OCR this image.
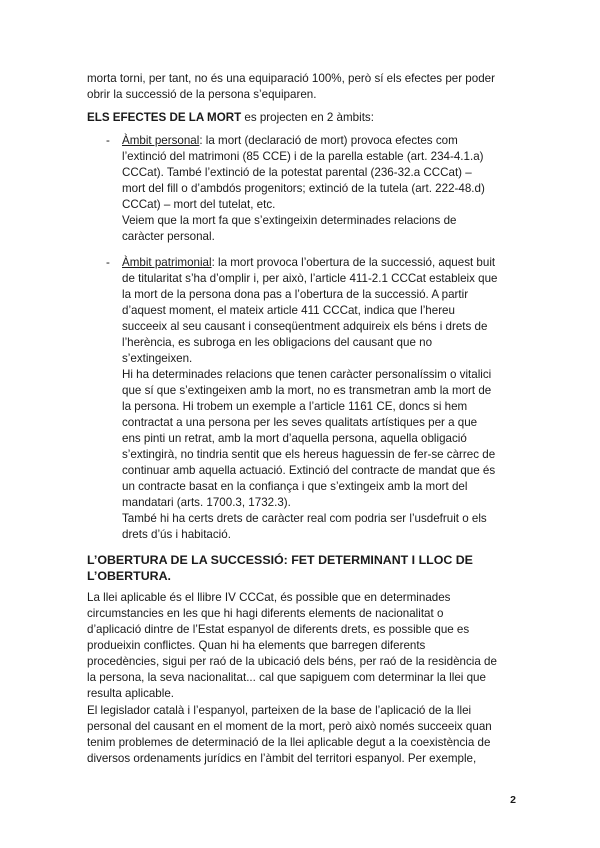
morta torni, per tant, no és una equiparació 100%, però sí els efectes per poder
obrir la successió de la persona s’equiparen.
ELS EFECTES DE LA MORT es projecten en 2 àmbits:
-	Àmbit personal: la mort (declaració de mort) provoca efectes com
l’extinció del matrimoni (85 CCE) i de la parella estable (art. 234-4.1.a)
CCCat). També l’extinció de la potestat parental (236-32.a CCCat) –
mort del fill o d’ambdós progenitors; extinció de la tutela (art. 222-48.d)
CCCat) – mort del tutelat, etc.
Veiem que la mort fa que s’extingeixin determinades relacions de
caràcter personal.
-	Àmbit patrimonial: la mort provoca l’obertura de la successió, aquest buit
de titularitat s’ha d’omplir i, per això, l’article 411-2.1 CCCat estableix que
la mort de la persona dona pas a l’obertura de la successió. A partir
d’aquest moment, el mateix article 411 CCCat, indica que l’hereu
succeeix al seu causant i conseqüentment adquireix els béns i drets de
l’herència, es subroga en les obligacions del causant que no
s’extingeixen.
Hi ha determinades relacions que tenen caràcter personalíssim o vitalici
que sí que s’extingeixen amb la mort, no es transmetran amb la mort de
la persona. Hi trobem un exemple a l’article 1161 CE, doncs si hem
contractat a una persona per les seves qualitats artístiques per a que
ens pinti un retrat, amb la mort d’aquella persona, aquella obligació
s’extingirà, no tindria sentit que els hereus haguessin de fer-se càrrec de
continuar amb aquella actuació. Extinció del contracte de mandat que és
un contracte basat en la confiança i que s’extingeix amb la mort del
mandatari (arts. 1700.3, 1732.3).
També hi ha certs drets de caràcter real com podria ser l’usdefruit o els
drets d’ús i habitació.
L’OBERTURA DE LA SUCCESSIÓ: FET DETERMINANT I LLOC DE
L’OBERTURA.
La llei aplicable és el llibre IV CCCat, és possible que en determinades
circumstancies en les que hi hagi diferents elements de nacionalitat o
d’aplicació dintre de l’Estat espanyol de diferents drets, es possible que es
produeixin conflictes. Quan hi ha elements que barregen diferents
procedències, sigui per raó de la ubicació dels béns, per raó de la residència de
la persona, la seva nacionalitat... cal que sapiguem com determinar la llei que
resulta aplicable.
El legislador català i l’espanyol, parteixen de la base de l’aplicació de la llei
personal del causant en el moment de la mort, però això només succeeix quan
tenim problemes de determinació de la llei aplicable degut a la coexistència de
diversos ordenaments jurídics en l’àmbit del territori espanyol. Per exemple,
2
